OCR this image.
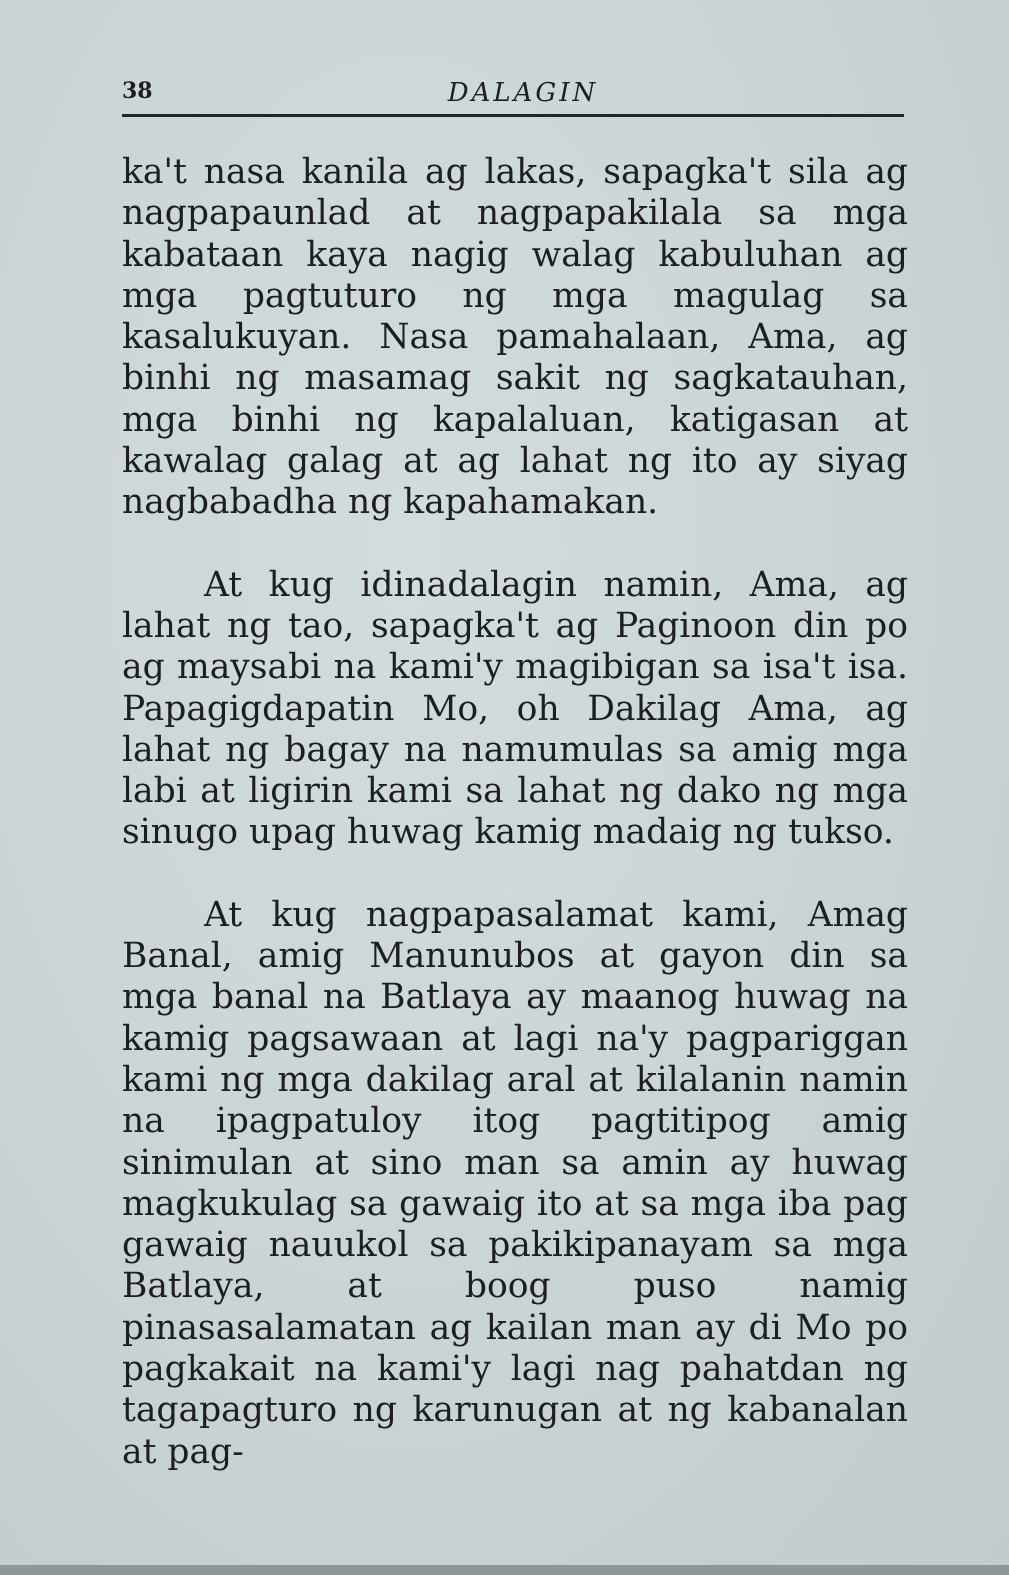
38	DALAGIN

ka't nasa kanila ag lakas, sapagka't sila ag nagpapaunlad at nagpapakilala sa mga kabataan kaya nagig walag kabuluhan ag mga pagtuturo ng mga magulag sa kasalukuyan. Nasa pamahalaan, Ama, ag binhi ng masamag sakit ng sagkatauhan, mga binhi ng kapalaluan, katigasan at kawalag galag at ag lahat ng ito ay siyag nagbabadha ng kapahamakan.

At kug idinadalagin namin, Ama, ag lahat ng tao, sapagka't ag Paginoon din po ag maysabi na kami'y magibigan sa isa't isa. Papagigdapatin Mo, oh Dakilag Ama, ag lahat ng bagay na namumulas sa amig mga labi at ligirin kami sa lahat ng dako ng mga sinugo upag huwag kamig madaig ng tukso.

At kug nagpapasalamat kami, Amag Banal, amig Manunubos at gayon din sa mga banal na Batlaya ay maanog huwag na kamig pagsawaan at lagi na'y pagpariggan kami ng mga dakilag aral at kilalanin namin na ipagpatuloy itog pagtitipog amig sinimulan at sino man sa amin ay huwag magkukulag sa gawaig ito at sa mga iba pag gawaig nauukol sa pakikipanayam sa mga Batlaya, at boog puso namig pinasasalamatan ag kailan man ay di Mo po pagkakait na kami'y lagi nag pahatdan ng tagapagturo ng karunugan at ng kabanalan at pag-
